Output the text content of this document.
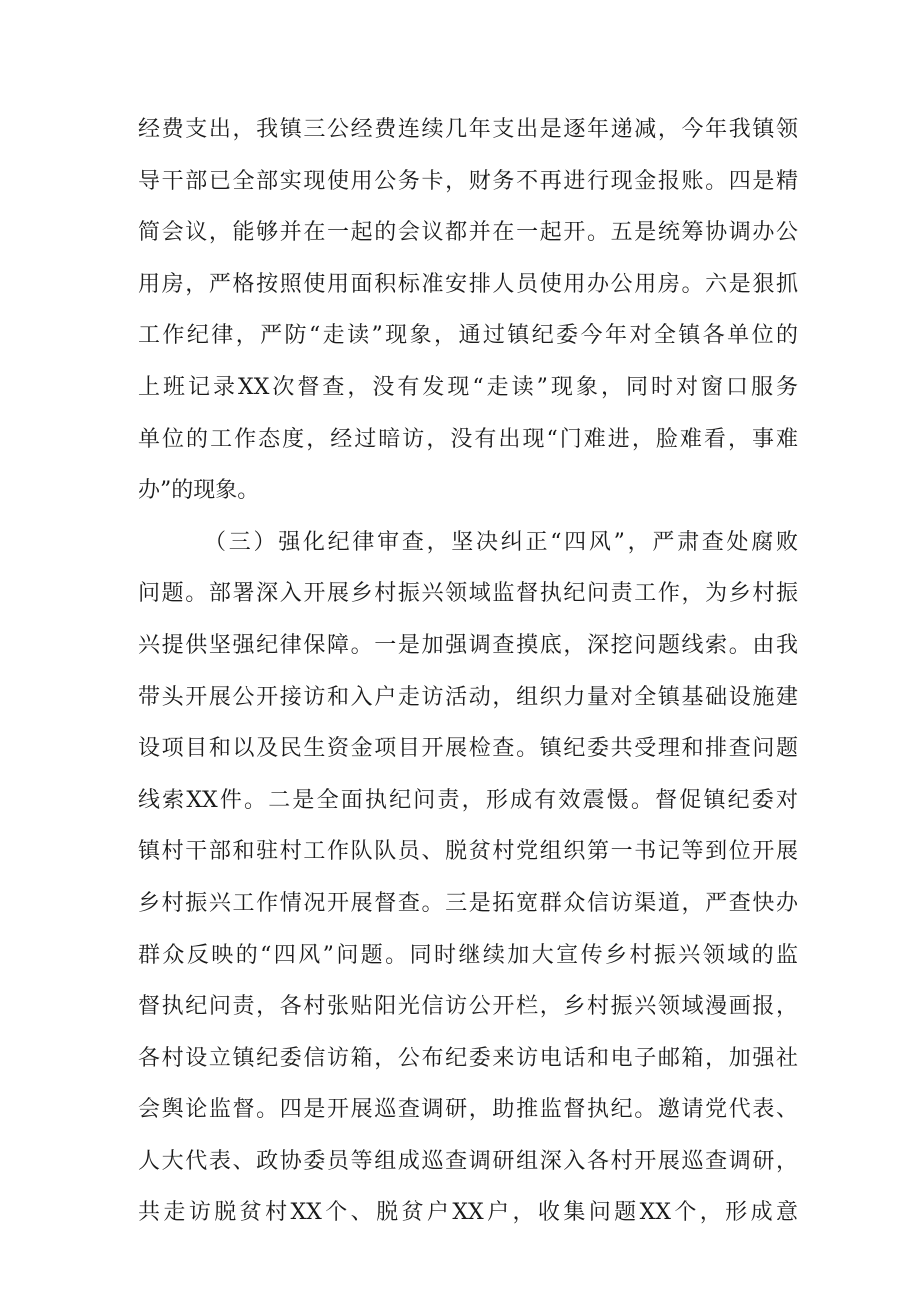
经费支出，我镇三公经费连续几年支出是逐年递减，今年我镇领
导干部已全部实现使用公务卡，财务不再进行现金报账。四是精
简会议，能够并在一起的会议都并在一起开。五是统筹协调办公
用房，严格按照使用面积标准安排人员使用办公用房。六是狠抓
工作纪律，严防“走读”现象，通过镇纪委今年对全镇各单位的
上班记录XX次督查，没有发现“走读”现象，同时对窗口服务
单位的工作态度，经过暗访，没有出现“门难进，脸难看，事难
办”的现象。
（三）强化纪律审查，坚决纠正“四风”，严肃查处腐败
问题。部署深入开展乡村振兴领域监督执纪问责工作，为乡村振
兴提供坚强纪律保障。一是加强调查摸底，深挖问题线索。由我
带头开展公开接访和入户走访活动，组织力量对全镇基础设施建
设项目和以及民生资金项目开展检查。镇纪委共受理和排查问题
线索XX件。二是全面执纪问责，形成有效震慑。督促镇纪委对
镇村干部和驻村工作队队员、脱贫村党组织第一书记等到位开展
乡村振兴工作情况开展督查。三是拓宽群众信访渠道，严查快办
群众反映的“四风”问题。同时继续加大宣传乡村振兴领域的监
督执纪问责，各村张贴阳光信访公开栏，乡村振兴领域漫画报，
各村设立镇纪委信访箱，公布纪委来访电话和电子邮箱，加强社
会舆论监督。四是开展巡查调研，助推监督执纪。邀请党代表、
人大代表、政协委员等组成巡查调研组深入各村开展巡查调研，
共走访脱贫村XX个、脱贫户XX户，收集问题XX个，形成意
